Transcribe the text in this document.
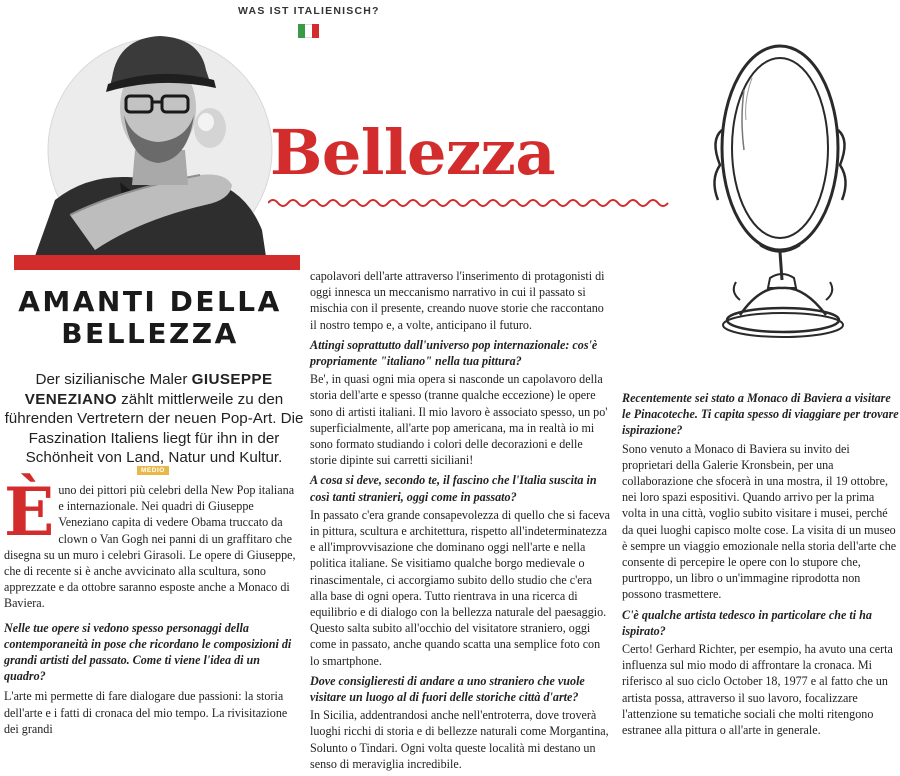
WAS IST ITALIENISCH?
Bellezza
AMANTI DELLA
BELLEZZA
Der sizilianische Maler GIUSEPPE VENEZIANO zählt mittlerweile zu den führenden Vertretern der neuen Pop-Art. Die Faszination Italiens liegt für ihn in der Schönheit von Land, Natur und Kultur.
MEDIO

È uno dei pittori più celebri della New Pop italiana e internazionale. Nei quadri di Giuseppe Veneziano capita di vedere Obama truccato da clown o Van Gogh nei panni di un graffitaro che disegna su un muro i celebri Girasoli. Le opere di Giuseppe, che di recente si è anche avvicinato alla scultura, sono apprezzate e da ottobre saranno esposte anche a Monaco di Baviera.

Nelle tue opere si vedono spesso personaggi della contemporaneità in pose che ricordano le composizioni di grandi artisti del passato. Come ti viene l'idea di un quadro?

L'arte mi permette di fare dialogare due passioni: la storia dell'arte e i fatti di cronaca del mio tempo. La rivisitazione dei grandi

capolavori dell'arte attraverso l'inserimento di protagonisti di oggi innesca un meccanismo narrativo in cui il passato si mischia con il presente, creando nuove storie che raccontano il nostro tempo e, a volte, anticipano il futuro.

Attingi soprattutto dall'universo pop internazionale: cos'è propriamente "italiano" nella tua pittura?

Be', in quasi ogni mia opera si nasconde un capolavoro della storia dell'arte e spesso (tranne qualche eccezione) le opere sono di artisti italiani. Il mio lavoro è associato spesso, un po' superficialmente, all'arte pop americana, ma in realtà io mi sono formato studiando i colori delle decorazioni e delle storie dipinte sui carretti siciliani!

A cosa si deve, secondo te, il fascino che l'Italia suscita in così tanti stranieri, oggi come in passato?

In passato c'era grande consapevolezza di quello che si faceva in pittura, scultura e architettura, rispetto all'indeterminatezza e all'improvvisazione che dominano oggi nell'arte e nella politica italiane. Se visitiamo qualche borgo medievale o rinascimentale, ci accorgiamo subito dello studio che c'era alla base di ogni opera. Tutto rientrava in una ricerca di equilibrio e di dialogo con la bellezza naturale del paesaggio. Questo salta subito all'occhio del visitatore straniero, oggi come in passato, anche quando scatta una semplice foto con lo smartphone.

Dove consiglieresti di andare a uno straniero che vuole visitare un luogo al di fuori delle storiche città d'arte?

In Sicilia, addentrandosi anche nell'entroterra, dove troverà luoghi ricchi di storia e di bellezze naturali come Morgantina, Solunto o Tindari. Ogni volta queste località mi destano un senso di meraviglia incredibile.

Recentemente sei stato a Monaco di Baviera a visitare le Pinacoteche. Ti capita spesso di viaggiare per trovare ispirazione?

Sono venuto a Monaco di Baviera su invito dei proprietari della Galerie Kronsbein, per una collaborazione che sfocerà in una mostra, il 19 ottobre, nei loro spazi espositivi. Quando arrivo per la prima volta in una città, voglio subito visitare i musei, perché da quei luoghi capisco molte cose. La visita di un museo è sempre un viaggio emozionale nella storia dell'arte che consente di percepire le opere con lo stupore che, purtroppo, un libro o un'immagine riprodotta non possono trasmettere.

C'è qualche artista tedesco in particolare che ti ha ispirato?

Certo! Gerhard Richter, per esempio, ha avuto una certa influenza sul mio modo di affrontare la cronaca. Mi riferisco al suo ciclo October 18, 1977 e al fatto che un artista possa, attraverso il suo lavoro, focalizzare l'attenzione su tematiche sociali che molti ritengono estranee alla pittura o all'arte in generale.
